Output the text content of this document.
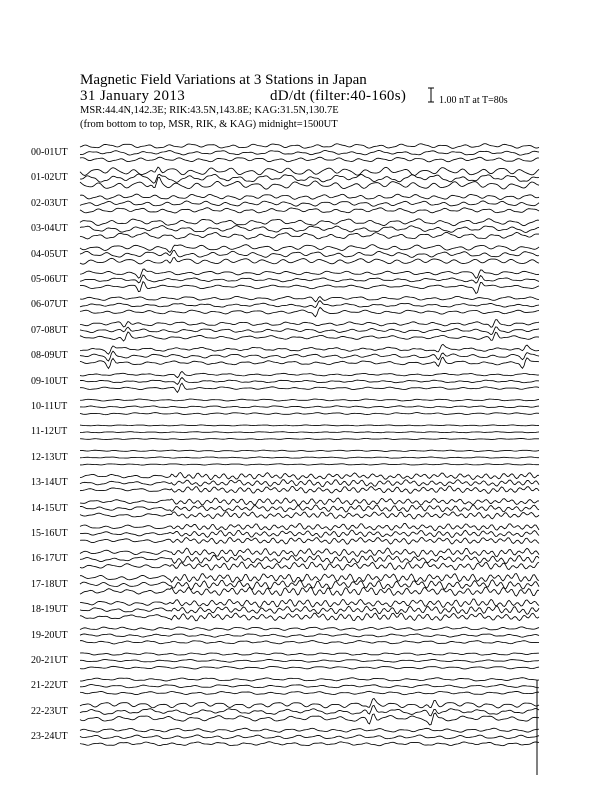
Magnetic Field Variations at 3 Stations in Japan
31 January 2013	dD/dt (filter:40-160s)
MSR:44.4N,142.3E; RIK:43.5N,143.8E; KAG:31.5N,130.7E
(from bottom to top, MSR, RIK, & KAG) midnight=1500UT
1.00 nT at T=80s
00-01UT
01-02UT
02-03UT
03-04UT
04-05UT
05-06UT
06-07UT
07-08UT
08-09UT
09-10UT
10-11UT
11-12UT
12-13UT
13-14UT
14-15UT
15-16UT
16-17UT
17-18UT
18-19UT
19-20UT
20-21UT
21-22UT
22-23UT
23-24UT
